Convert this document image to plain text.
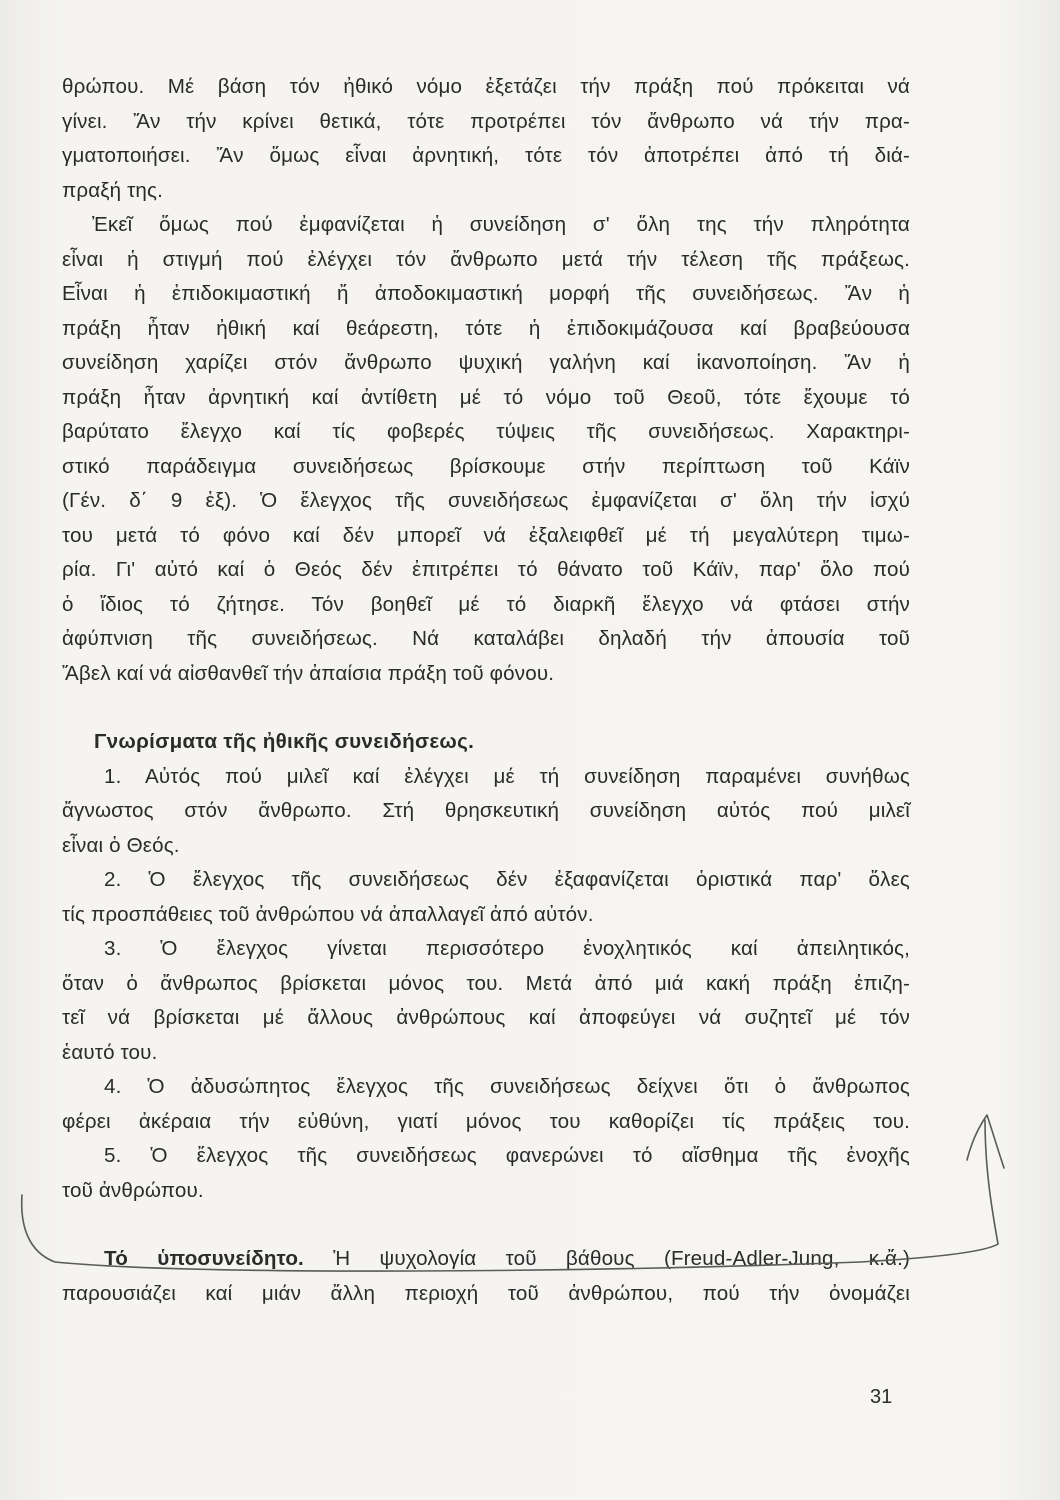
θρώπου. Μέ βάση τόν ἠθικό νόμο ἐξετάζει τήν πράξη πού πρόκειται νά
γίνει. Ἄν τήν κρίνει θετικά, τότε προτρέπει τόν ἄνθρωπο νά τήν πρα-
γματοποιήσει. Ἄν ὅμως εἶναι ἀρνητική, τότε τόν ἀποτρέπει ἀπό τή διά-
πραξή της.
Ἐκεῖ ὅμως πού ἐμφανίζεται ἡ συνείδηση σ' ὅλη της τήν πληρότητα
εἶναι ἡ στιγμή πού ἐλέγχει τόν ἄνθρωπο μετά τήν τέλεση τῆς πράξεως.
Εἶναι ἡ ἐπιδοκιμαστική ἤ ἀποδοκιμαστική μορφή τῆς συνειδήσεως. Ἄν ἡ
πράξη ἦταν ἠθική καί θεάρεστη, τότε ἡ ἐπιδοκιμάζουσα καί βραβεύουσα
συνείδηση χαρίζει στόν ἄνθρωπο ψυχική γαλήνη καί ἱκανοποίηση. Ἄν ἡ
πράξη ἦταν ἀρνητική καί ἀντίθετη μέ τό νόμο τοῦ Θεοῦ, τότε ἔχουμε τό
βαρύτατο ἔλεγχο καί τίς φοβερές τύψεις τῆς συνειδήσεως. Χαρακτηρι-
στικό παράδειγμα συνειδήσεως βρίσκουμε στήν περίπτωση τοῦ Κάϊν
(Γέν. δ΄ 9 ἑξ). Ὁ ἔλεγχος τῆς συνειδήσεως ἐμφανίζεται σ' ὅλη τήν ἰσχύ
του μετά τό φόνο καί δέν μπορεῖ νά ἐξαλειφθεῖ μέ τή μεγαλύτερη τιμω-
ρία. Γι' αὐτό καί ὁ Θεός δέν ἐπιτρέπει τό θάνατο τοῦ Κάϊν, παρ' ὅλο πού
ὁ ἴδιος τό ζήτησε. Τόν βοηθεῖ μέ τό διαρκῆ ἔλεγχο νά φτάσει στήν
ἀφύπνιση τῆς συνειδήσεως. Νά καταλάβει δηλαδή τήν ἀπουσία τοῦ
Ἄβελ καί νά αἰσθανθεῖ τήν ἀπαίσια πράξη τοῦ φόνου.
Γνωρίσματα τῆς ἠθικῆς συνειδήσεως.
1. Αὐτός πού μιλεῖ καί ἐλέγχει μέ τή συνείδηση παραμένει συνήθως
ἄγνωστος στόν ἄνθρωπο. Στή θρησκευτική συνείδηση αὐτός πού μιλεῖ
εἶναι ὁ Θεός.
2. Ὁ ἔλεγχος τῆς συνειδήσεως δέν ἐξαφανίζεται ὁριστικά παρ' ὅλες
τίς προσπάθειες τοῦ ἀνθρώπου νά ἀπαλλαγεῖ ἀπό αὐτόν.
3. Ὁ ἔλεγχος γίνεται περισσότερο ἐνοχλητικός καί ἀπειλητικός,
ὅταν ὁ ἄνθρωπος βρίσκεται μόνος του. Μετά ἀπό μιά κακή πράξη ἐπιζη-
τεῖ νά βρίσκεται μέ ἄλλους ἀνθρώπους καί ἀποφεύγει νά συζητεῖ μέ τόν
ἑαυτό του.
4. Ὁ ἀδυσώπητος ἔλεγχος τῆς συνειδήσεως δείχνει ὅτι ὁ ἄνθρωπος
φέρει ἀκέραια τήν εὐθύνη, γιατί μόνος του καθορίζει τίς πράξεις του.
5. Ὁ ἔλεγχος τῆς συνειδήσεως φανερώνει τό αἴσθημα τῆς ἐνοχῆς
τοῦ ἀνθρώπου.
Τό ὑποσυνείδητο. Ἡ ψυχολογία τοῦ βάθους (Freud-Adler-Jung, κ.ἄ.)
παρουσιάζει καί μιάν ἄλλη περιοχή τοῦ ἀνθρώπου, πού τήν ὀνομάζει
31
